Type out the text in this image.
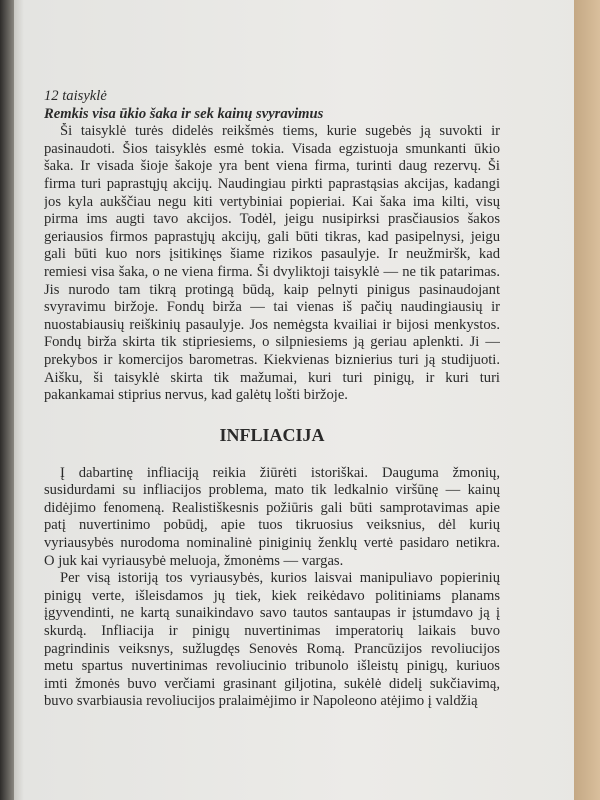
12 taisyklė
Remkis visa ūkio šaka ir sek kainų svyravimus
Ši taisyklė turės didelės reikšmės tiems, kurie sugebės ją suvokti ir
pasinaudoti. Šios taisyklės esmė tokia. Visada egzistuoja smunkanti ūkio
šaka. Ir visada šioje šakoje yra bent viena firma, turinti daug rezervų. Ši
firma turi paprastųjų akcijų. Naudingiau pirkti paprastąsias akcijas, kadangi
jos kyla aukščiau negu kiti vertybiniai popieriai. Kai šaka ima kilti, visų
pirma ims augti tavo akcijos. Todėl, jeigu nusipirksi prasčiausios šakos
geriausios firmos paprastųjų akcijų, gali būti tikras, kad pasipelnysi, jeigu
gali būti kuo nors įsitikinęs šiame rizikos pasaulyje. Ir neužmiršk, kad
remiesi visa šaka, o ne viena firma. Ši dvyliktoji taisyklė — ne tik patarimas.
Jis nurodo tam tikrą protingą būdą, kaip pelnyti pinigus pasinaudojant
svyravimu biržoje. Fondų birža — tai vienas iš pačių naudingiausių ir
nuostabiausių reiškinių pasaulyje. Jos nemėgsta kvailiai ir bijosi menkystos.
Fondų birža skirta tik stipriesiems, o silpniesiems ją geriau aplenkti. Ji —
prekybos ir komercijos barometras. Kiekvienas biznierius turi ją studijuoti.
Aišku, ši taisyklė skirta tik mažumai, kuri turi pinigų, ir kuri turi
pakankamai stiprius nervus, kad galėtų lošti biržoje.
INFLIACIJA
Į dabartinę infliaciją reikia žiūrėti istoriškai. Dauguma žmonių,
susidurdami su infliacijos problema, mato tik ledkalnio viršūnę — kainų
didėjimo fenomeną. Realistiškesnis požiūris gali būti samprotavimas apie
patį nuvertinimo pobūdį, apie tuos tikruosius veiksnius, dėl kurių
vyriausybės nurodoma nominalinė piniginių ženklų vertė pasidaro netikra.
O juk kai vyriausybė meluoja, žmonėms — vargas.
Per visą istoriją tos vyriausybės, kurios laisvai manipuliavo popierinių
pinigų verte, išleisdamos jų tiek, kiek reikėdavo politiniams planams
įgyvendinti, ne kartą sunaikindavo savo tautos santaupas ir įstumdavo ją į
skurdą. Infliacija ir pinigų nuvertinimas imperatorių laikais buvo
pagrindinis veiksnys, sužlugdęs Senovės Romą. Prancūzijos revoliucijos
metu spartus nuvertinimas revoliucinio tribunolo išleistų pinigų, kuriuos
imti žmonės buvo verčiami grasinant giljotina, sukėlė didelį sukčiavimą,
buvo svarbiausia revoliucijos pralaimėjimo ir Napoleono atėjimo į valdžią
